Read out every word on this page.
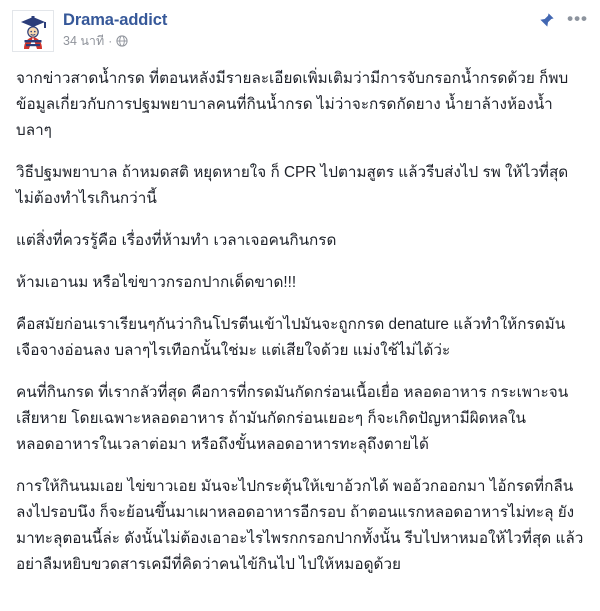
Drama-addict
34 นาที ·
•••

จากข่าวสาดน้ำกรด ที่ตอนหลังมีรายละเอียดเพิ่มเติมว่ามีการจับกรอกน้ำกรดด้วย ก็พบข้อมูลเกี่ยวกับการปฐมพยาบาลคนที่กินน้ำกรด ไม่ว่าจะกรดกัดยาง น้ำยาล้างห้องน้ำ บลาๆ

วิธีปฐมพยาบาล ถ้าหมดสติ หยุดหายใจ ก็ CPR ไปตามสูตร แล้วรีบส่งไป รพ ให้ไวที่สุด ไม่ต้องทำไรเกินกว่านี้

แต่สิ่งที่ควรรู้คือ เรื่องที่ห้ามทำ เวลาเจอคนกินกรด

ห้ามเอานม หรือไข่ขาวกรอกปากเด็ดขาด!!!

คือสมัยก่อนเราเรียนๆกันว่ากินโปรตีนเข้าไปมันจะถูกกรด denature แล้วทำให้กรดมันเจือจางอ่อนลง บลาๆไรเทือกนั้นใช่มะ แต่เสียใจด้วย แม่งใช้ไม่ได้ว่ะ

คนที่กินกรด ที่เรากลัวที่สุด คือการที่กรดมันกัดกร่อนเนื้อเยื่อ หลอดอาหาร กระเพาะจนเสียหาย โดยเฉพาะหลอดอาหาร ถ้ามันกัดกร่อนเยอะๆ ก็จะเกิดปัญหามีผิดหลในหลอดอาหารในเวลาต่อมา หรือถึงขั้นหลอดอาหารทะลุถึงตายได้

การให้กินนมเอย ไข่ขาวเอย มันจะไปกระตุ้นให้เขาอ้วกได้ พออ้วกออกมา ไอ้กรดที่กลืนลงไปรอบนึง ก็จะย้อนขึ้นมาเผาหลอดอาหารอีกรอบ ถ้าตอนแรกหลอดอาหารไม่ทะลุ ยังมาทะลุตอนนี้ล่ะ ดังนั้นไม่ต้องเอาอะไรไพรกกรอกปากทั้งนั้น รีบไปหาหมอให้ไวที่สุด แล้วอย่าลืมหยิบขวดสารเคมีที่คิดว่าคนไข้กินไป ไปให้หมอดูด้วย
